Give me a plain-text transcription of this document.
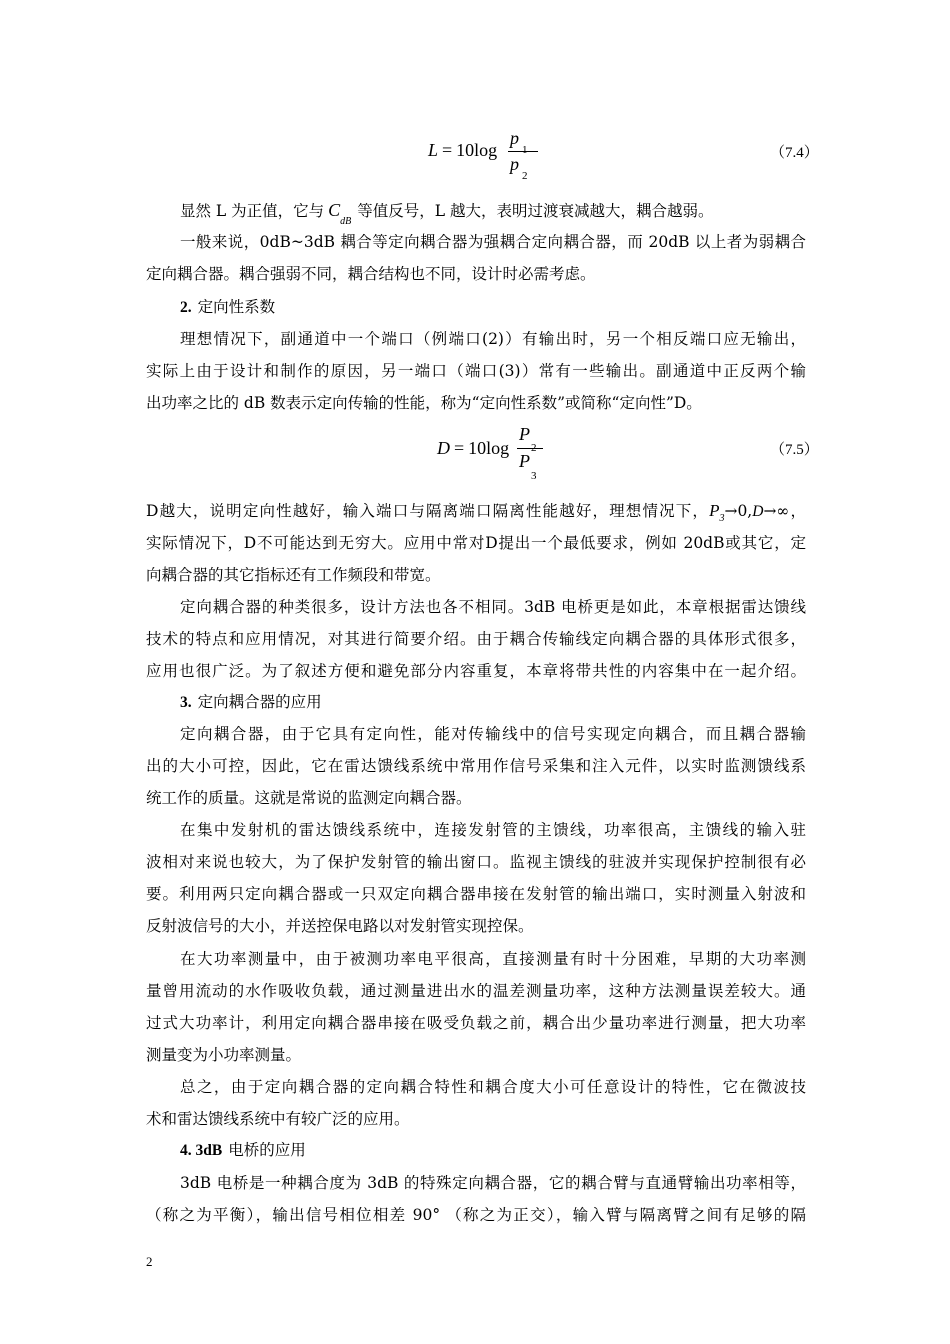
L = 10log
p
1
p
2
（7.4）
显然 L 为正值，它与 $C_{dB}$等值反号，L 越大，表明过渡衰减越大，耦合越弱。
一般来说，0dB~3dB 耦合等定向耦合器为强耦合定向耦合器，而 20dB 以上者为弱耦合
定向耦合器。耦合强弱不同，耦合结构也不同，设计时必需考虑。
2. 定向性系数
理想情况下，副通道中一个端口（例端口(2)）有输出时，另一个相反端口应无输出，
实际上由于设计和制作的原因，另一端口（端口(3)）常有一些输出。副通道中正反两个输
出功率之比的 dB 数表示定向传输的性能，称为“定向性系数”或简称“定向性”D。
D = 10log
P
2
P
3
（7.5）
D越大，说明定向性越好，输入端口与隔离端口隔离性能越好，理想情况下，$P_3\to 0,D\to\infty$，
实际情况下，D不可能达到无穷大。应用中常对D提出一个最低要求，例如 20dB或其它，定
向耦合器的其它指标还有工作频段和带宽。
定向耦合器的种类很多，设计方法也各不相同。3dB 电桥更是如此，本章根据雷达馈线
技术的特点和应用情况，对其进行简要介绍。由于耦合传输线定向耦合器的具体形式很多，
应用也很广泛。为了叙述方便和避免部分内容重复，本章将带共性的内容集中在一起介绍。
3. 定向耦合器的应用
定向耦合器，由于它具有定向性，能对传输线中的信号实现定向耦合，而且耦合器输
出的大小可控，因此，它在雷达馈线系统中常用作信号采集和注入元件，以实时监测馈线系
统工作的质量。这就是常说的监测定向耦合器。
在集中发射机的雷达馈线系统中，连接发射管的主馈线，功率很高，主馈线的输入驻
波相对来说也较大，为了保护发射管的输出窗口。监视主馈线的驻波并实现保护控制很有必
要。利用两只定向耦合器或一只双定向耦合器串接在发射管的输出端口，实时测量入射波和
反射波信号的大小，并送控保电路以对发射管实现控保。
在大功率测量中，由于被测功率电平很高，直接测量有时十分困难，早期的大功率测
量曾用流动的水作吸收负载，通过测量进出水的温差测量功率，这种方法测量误差较大。通
过式大功率计，利用定向耦合器串接在吸受负载之前，耦合出少量功率进行测量，把大功率
测量变为小功率测量。
总之，由于定向耦合器的定向耦合特性和耦合度大小可任意设计的特性，它在微波技
术和雷达馈线系统中有较广泛的应用。
4. 3dB 电桥的应用
3dB 电桥是一种耦合度为 3dB 的特殊定向耦合器，它的耦合臂与直通臂输出功率相等，
（称之为平衡），输出信号相位相差 90° （称之为正交），输入臂与隔离臂之间有足够的隔
2
